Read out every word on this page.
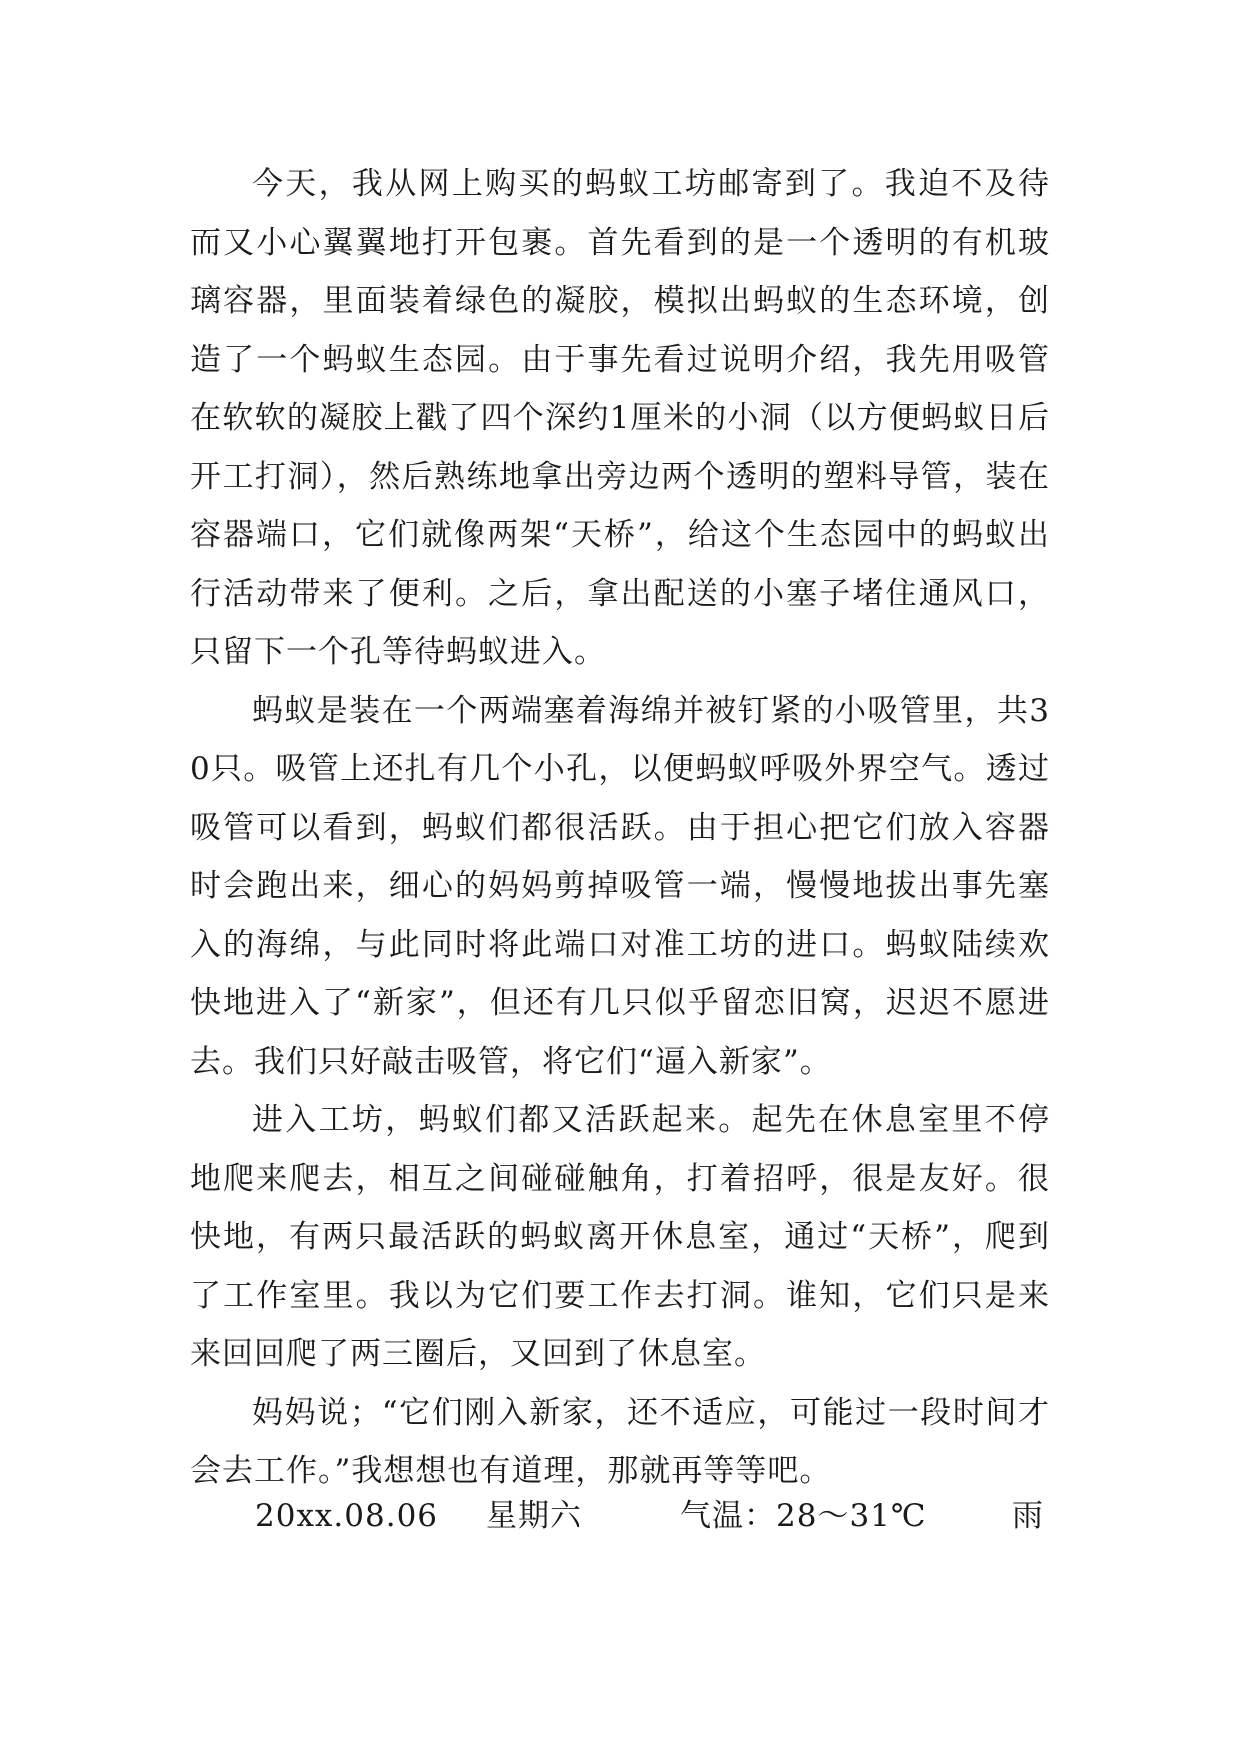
今天，我从网上购买的蚂蚁工坊邮寄到了。我迫不及待而又小心翼翼地打开包裹。首先看到的是一个透明的有机玻璃容器，里面装着绿色的凝胶，模拟出蚂蚁的生态环境，创造了一个蚂蚁生态园。由于事先看过说明介绍，我先用吸管在软软的凝胶上戳了四个深约1厘米的小洞（以方便蚂蚁日后开工打洞），然后熟练地拿出旁边两个透明的塑料导管，装在容器端口，它们就像两架“天桥”，给这个生态园中的蚂蚁出行活动带来了便利。之后，拿出配送的小塞子堵住通风口，只留下一个孔等待蚂蚁进入。

蚂蚁是装在一个两端塞着海绵并被钉紧的小吸管里，共30只。吸管上还扎有几个小孔，以便蚂蚁呼吸外界空气。透过吸管可以看到，蚂蚁们都很活跃。由于担心把它们放入容器时会跑出来，细心的妈妈剪掉吸管一端，慢慢地拔出事先塞入的海绵，与此同时将此端口对准工坊的进口。蚂蚁陆续欢快地进入了“新家”，但还有几只似乎留恋旧窝，迟迟不愿进去。我们只好敲击吸管，将它们“逼入新家”。

进入工坊，蚂蚁们都又活跃起来。起先在休息室里不停地爬来爬去，相互之间碰碰触角，打着招呼，很是友好。很快地，有两只最活跃的蚂蚁离开休息室，通过“天桥”，爬到了工作室里。我以为它们要工作去打洞。谁知，它们只是来来回回爬了两三圈后，又回到了休息室。

妈妈说；“它们刚入新家，还不适应，可能过一段时间才会去工作。”我想想也有道理，那就再等等吧。

20xx.08.06 星期六	气温：28～31℃	雨
